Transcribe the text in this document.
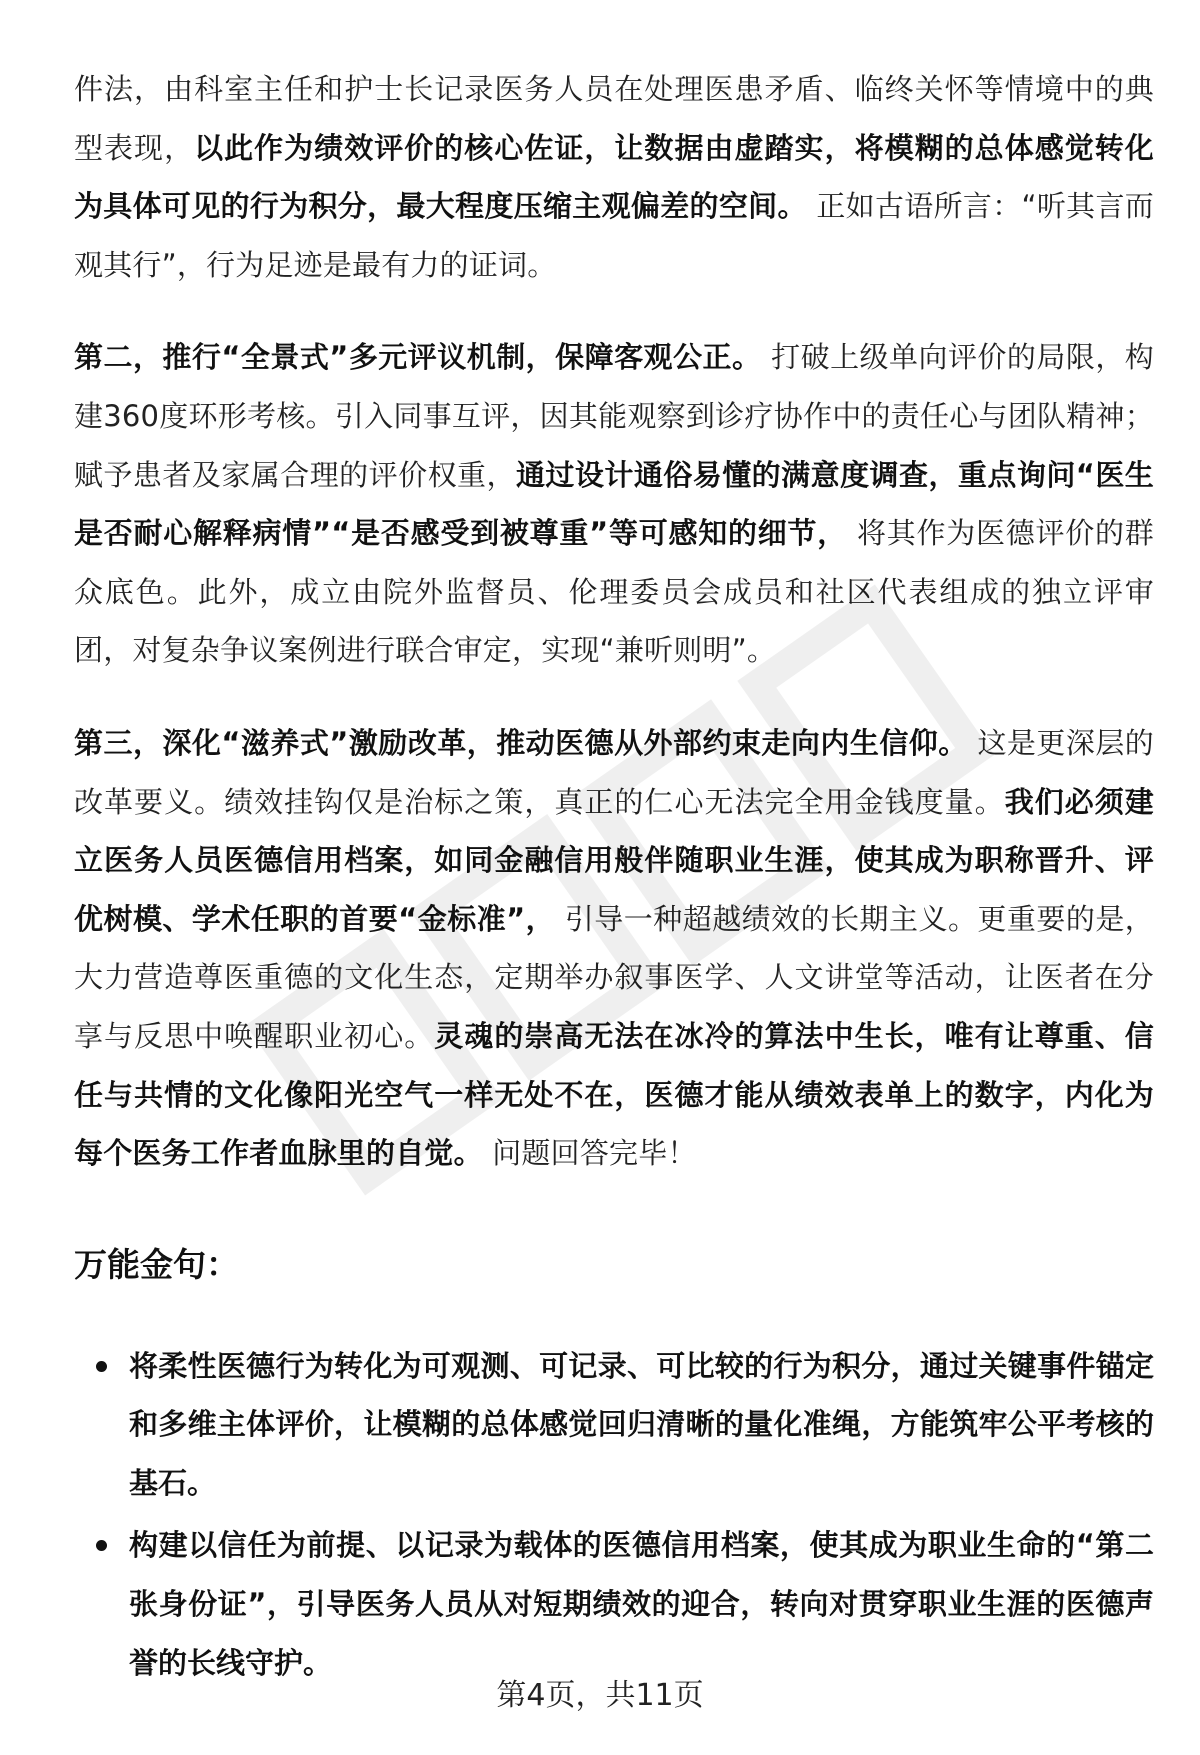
件法，由科室主任和护士长记录医务人员在处理医患矛盾、临终关怀等情境中的典型表现，以此作为绩效评价的核心佐证，让数据由虚踏实，将模糊的总体感觉转化为具体可见的行为积分，最大程度压缩主观偏差的空间。 正如古语所言：“听其言而观其行”，行为足迹是最有力的证词。

第二，推行“全景式”多元评议机制，保障客观公正。 打破上级单向评价的局限，构建360度环形考核。引入同事互评，因其能观察到诊疗协作中的责任心与团队精神；赋予患者及家属合理的评价权重，通过设计通俗易懂的满意度调查，重点询问“医生是否耐心解释病情”“是否感受到被尊重”等可感知的细节， 将其作为医德评价的群众底色。此外，成立由院外监督员、伦理委员会成员和社区代表组成的独立评审团，对复杂争议案例进行联合审定，实现“兼听则明”。

第三，深化“滋养式”激励改革，推动医德从外部约束走向内生信仰。 这是更深层的改革要义。绩效挂钩仅是治标之策，真正的仁心无法完全用金钱度量。我们必须建立医务人员医德信用档案，如同金融信用般伴随职业生涯，使其成为职称晋升、评优树模、学术任职的首要“金标准”， 引导一种超越绩效的长期主义。更重要的是，大力营造尊医重德的文化生态，定期举办叙事医学、人文讲堂等活动，让医者在分享与反思中唤醒职业初心。灵魂的崇高无法在冰冷的算法中生长，唯有让尊重、信任与共情的文化像阳光空气一样无处不在，医德才能从绩效表单上的数字，内化为每个医务工作者血脉里的自觉。 问题回答完毕！

万能金句：
将柔性医德行为转化为可观测、可记录、可比较的行为积分，通过关键事件锚定和多维主体评价，让模糊的总体感觉回归清晰的量化准绳，方能筑牢公平考核的基石。
构建以信任为前提、以记录为载体的医德信用档案，使其成为职业生命的“第二张身份证”，引导医务人员从对短期绩效的迎合，转向对贯穿职业生涯的医德声誉的长线守护。
第4页，共11页
